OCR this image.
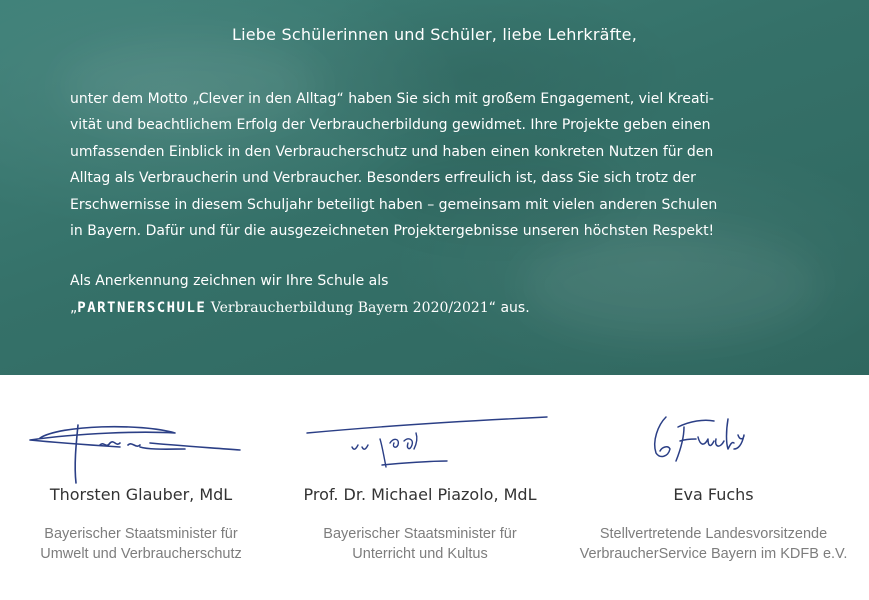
Liebe Schülerinnen und Schüler, liebe Lehrkräfte,
unter dem Motto „Clever in den Alltag“ haben Sie sich mit großem Engagement, viel Kreati-
vität und beachtlichem Erfolg der Verbraucherbildung gewidmet. Ihre Projekte geben einen
umfassenden Einblick in den Verbraucherschutz und haben einen konkreten Nutzen für den
Alltag als Verbraucherin und Verbraucher. Besonders erfreulich ist, dass Sie sich trotz der
Erschwernisse in diesem Schuljahr beteiligt haben – gemeinsam mit vielen anderen Schulen
in Bayern. Dafür und für die ausgezeichneten Projektergebnisse unseren höchsten Respekt!
Als Anerkennung zeichnen wir Ihre Schule als
„PARTNERSCHULE Verbraucherbildung Bayern 2020/2021“ aus.
Thorsten Glauber, MdL
Bayerischer Staatsminister für
Umwelt und Verbraucherschutz
Prof. Dr. Michael Piazolo, MdL
Bayerischer Staatsminister für
Unterricht und Kultus
Eva Fuchs
Stellvertretende Landesvorsitzende
VerbraucherService Bayern im KDFB e.V.
